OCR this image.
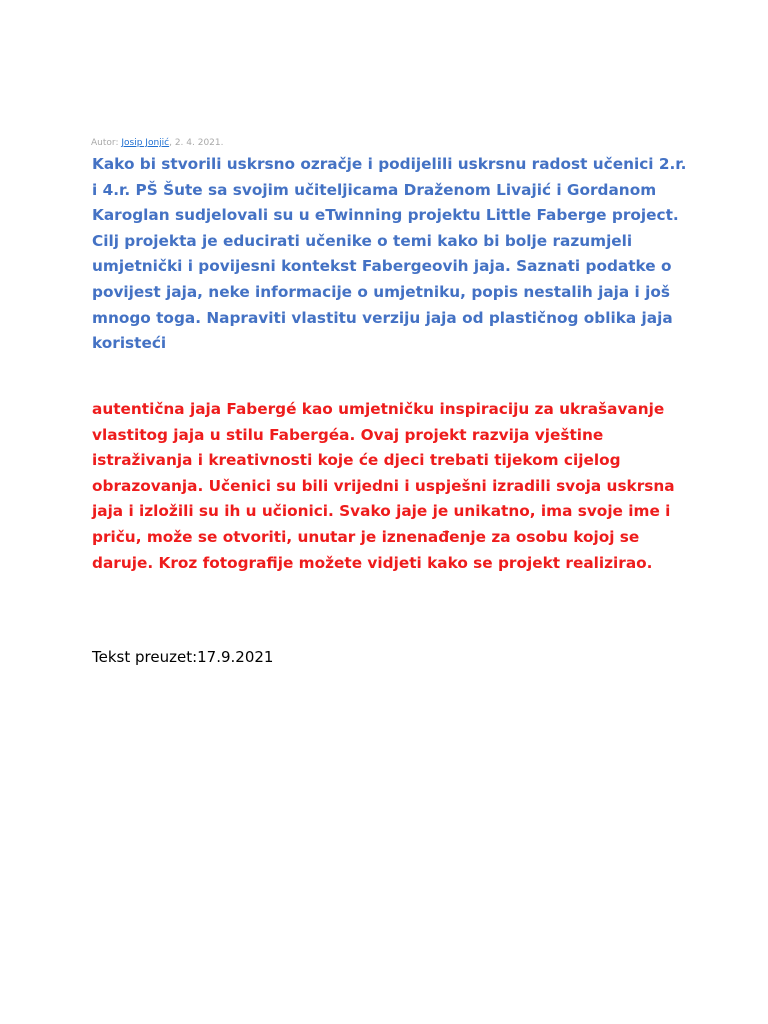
Autor: Josip Jonjić, 2. 4. 2021.

Kako bi stvorili uskrsno ozračje i podijelili uskrsnu radost učenici 2.r. i 4.r. PŠ Šute sa svojim učiteljicama Draženom Livajić i Gordanom Karoglan sudjelovali su u eTwinning projektu Little Faberge project. Cilj projekta je educirati učenike o temi kako bi bolje razumjeli umjetnički i povijesni kontekst Fabergeovih jaja. Saznati podatke o povijest jaja, neke informacije o umjetniku, popis nestalih jaja i još mnogo toga. Napraviti vlastitu verziju jaja od plastičnog oblika jaja koristeći

autentična jaja Fabergé kao umjetničku inspiraciju za ukrašavanje vlastitog jaja u stilu Fabergéa. Ovaj projekt razvija vještine istraživanja i kreativnosti koje će djeci trebati tijekom cijelog obrazovanja. Učenici su bili vrijedni i uspješni izradili svoja uskrsna jaja i izložili su ih u učionici. Svako jaje je unikatno, ima svoje ime i priču, može se otvoriti, unutar je iznenađenje za osobu kojoj se daruje. Kroz fotografije možete vidjeti kako se projekt realizirao.

Tekst preuzet:17.9.2021
